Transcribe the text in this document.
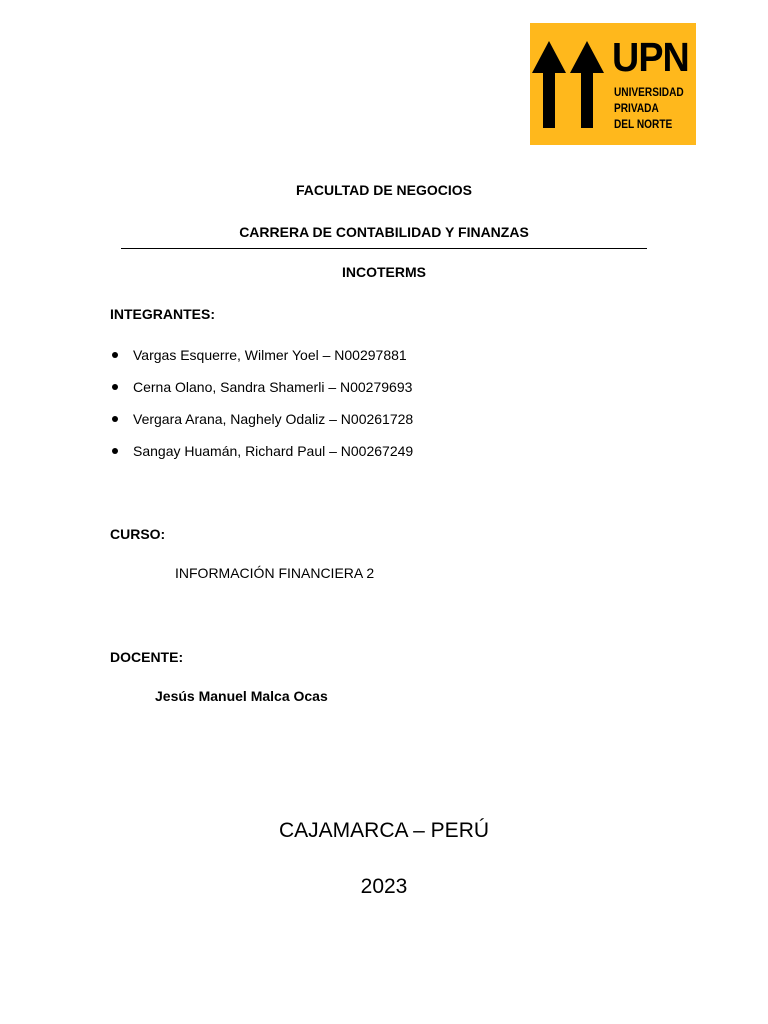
UPN
UNIVERSIDAD
PRIVADA
DEL NORTE
FACULTAD DE NEGOCIOS
CARRERA DE CONTABILIDAD Y FINANZAS
INCOTERMS
INTEGRANTES:
Vargas Esquerre, Wilmer Yoel – N00297881
Cerna Olano, Sandra Shamerli – N00279693
Vergara Arana, Naghely Odaliz – N00261728
Sangay Huamán, Richard Paul – N00267249
CURSO:
INFORMACIÓN FINANCIERA 2
DOCENTE:
Jesús Manuel Malca Ocas
CAJAMARCA – PERÚ
2023
